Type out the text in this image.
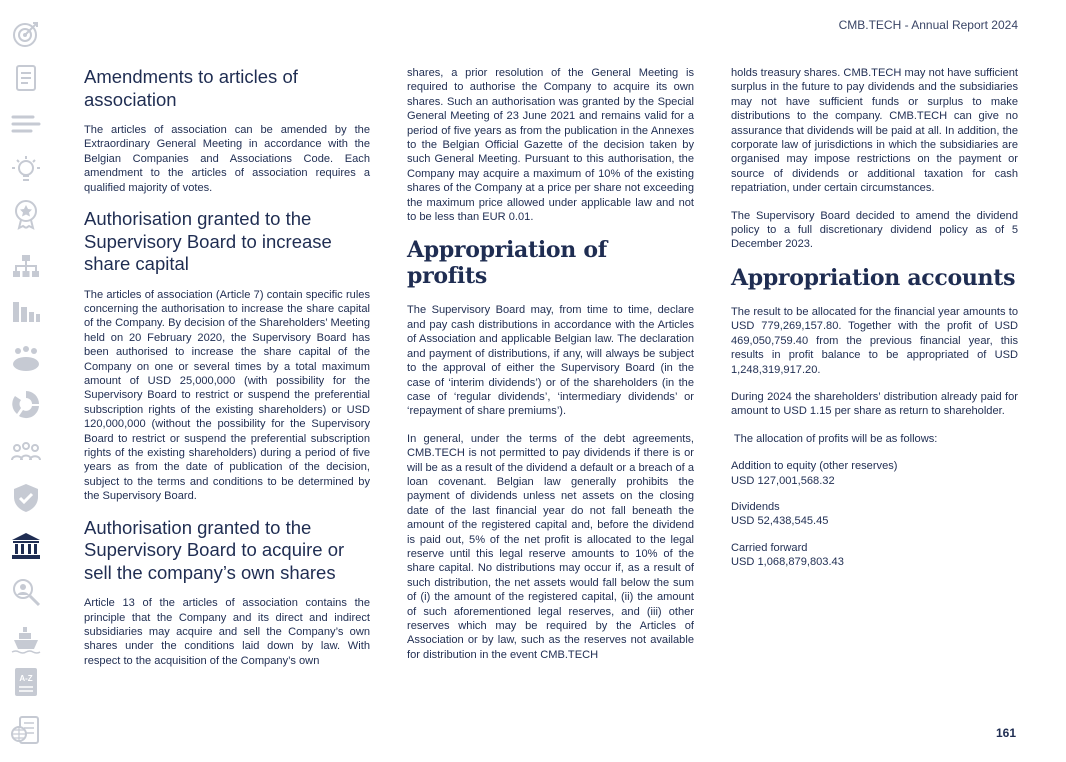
A-Z
CMB.TECH - Annual Report 2024
161
Amendments to articles of association

The articles of association can be amended by the Extraordinary General Meeting in accordance with the Belgian Companies and Associations Code. Each amendment to the articles of association requires a qualified majority of votes.

Authorisation granted to the Supervisory Board to increase share capital

The articles of association (Article 7) contain specific rules concerning the authorisation to increase the share capital of the Company. By decision of the Shareholders’ Meeting held on 20 February 2020, the Supervisory Board has been authorised to increase the share capital of the Company on one or several times by a total maximum amount of USD 25,000,000 (with possibility for the Supervisory Board to restrict or suspend the preferential subscription rights of the existing shareholders) or USD 120,000,000 (without the possibility for the Supervisory Board to restrict or suspend the preferential subscription rights of the existing shareholders) during a period of five years as from the date of publication of the decision, subject to the terms and conditions to be determined by the Supervisory Board.

Authorisation granted to the Supervisory Board to acquire or sell the company’s own shares

Article 13 of the articles of association contains the principle that the Company and its direct and indirect subsidiaries may acquire and sell the Company’s own shares under the conditions laid down by law. With respect to the acquisition of the Company’s own

shares, a prior resolution of the General Meeting is required to authorise the Company to acquire its own shares. Such an authorisation was granted by the Special General Meeting of 23 June 2021 and remains valid for a period of five years as from the publication in the Annexes to the Belgian Official Gazette of the decision taken by such General Meeting. Pursuant to this authorisation, the Company may acquire a maximum of 10% of the existing shares of the Company at a price per share not exceeding the maximum price allowed under applicable law and not to be less than EUR 0.01.

Appropriation of profits

The Supervisory Board may, from time to time, declare and pay cash distributions in accordance with the Articles of Association and applicable Belgian law. The declaration and payment of distributions, if any, will always be subject to the approval of either the Supervisory Board (in the case of ‘interim dividends’) or of the shareholders (in the case of ‘regular dividends’, ‘intermediary dividends’ or ‘repayment of share premiums’).

In general, under the terms of the debt agreements, CMB.TECH is not permitted to pay dividends if there is or will be as a result of the dividend a default or a breach of a loan covenant. Belgian law generally prohibits the payment of dividends unless net assets on the closing date of the last financial year do not fall beneath the amount of the registered capital and, before the dividend is paid out, 5% of the net profit is allocated to the legal reserve until this legal reserve amounts to 10% of the share capital. No distributions may occur if, as a result of such distribution, the net assets would fall below the sum of (i) the amount of the registered capital, (ii) the amount of such aforementioned legal reserves, and (iii) other reserves which may be required by the Articles of Association or by law, such as the reserves not available for distribution in the event CMB.TECH

holds treasury shares. CMB.TECH may not have sufficient surplus in the future to pay dividends and the subsidiaries may not have sufficient funds or surplus to make distributions to the company. CMB.TECH can give no assurance that dividends will be paid at all. In addition, the corporate law of jurisdictions in which the subsidiaries are organised may impose restrictions on the payment or source of dividends or additional taxation for cash repatriation, under certain circumstances.

The Supervisory Board decided to amend the dividend policy to a full discretionary dividend policy as of 5 December 2023.

Appropriation accounts

The result to be allocated for the financial year amounts to USD 779,269,157.80. Together with the profit of USD 469,050,759.40 from the previous financial year, this results in profit balance to be appropriated of USD 1,248,319,917.20.

During 2024 the shareholders’ distribution already paid for amount to USD 1.15 per share as return to shareholder.

The allocation of profits will be as follows:

Addition to equity (other reserves)

USD 127,001,568.32

Dividends

USD 52,438,545.45

Carried forward

USD 1,068,879,803.43
